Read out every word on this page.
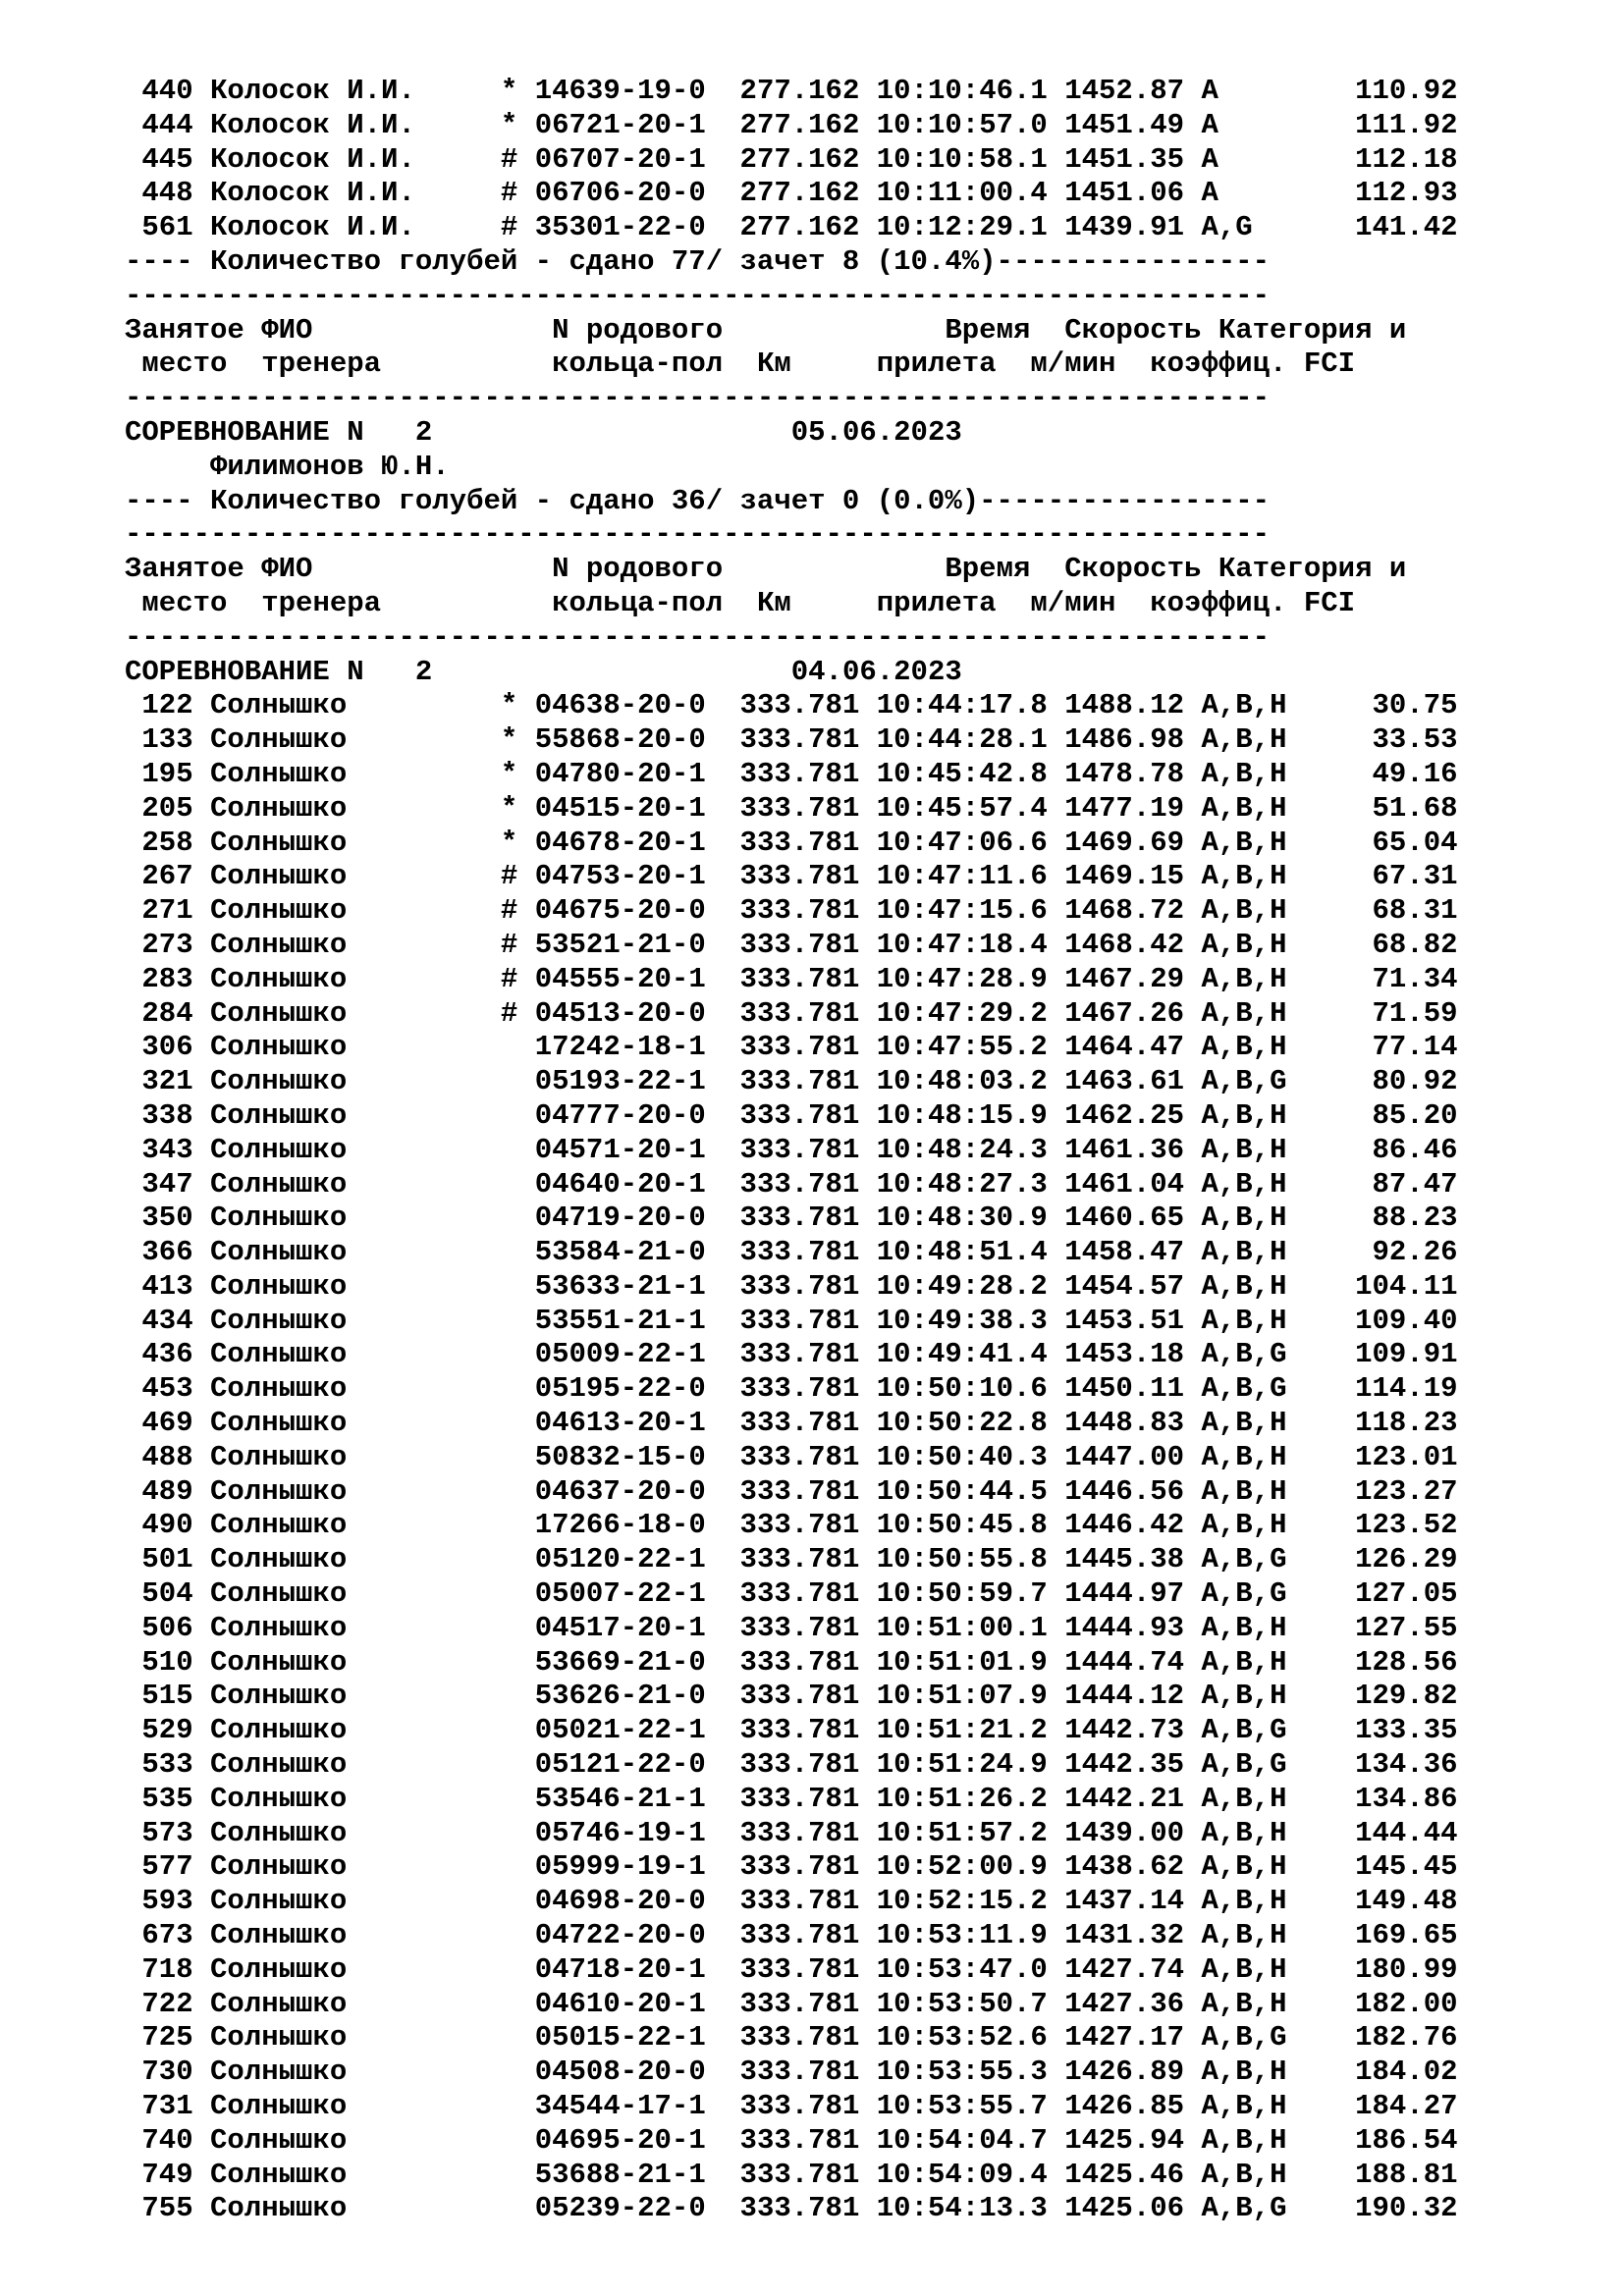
440 Колосок И.И.     * 14639-19-0 277.162 10:10:46.1 1452.87 A        110.92
444 Колосок И.И.     * 06721-20-1 277.162 10:10:57.0 1451.49 A        111.92
445 Колосок И.И.     # 06707-20-1 277.162 10:10:58.1 1451.35 A        112.18
448 Колосок И.И.     # 06706-20-0 277.162 10:11:00.4 1451.06 A        112.93
561 Колосок И.И.     # 35301-22-0 277.162 10:12:29.1 1439.91 A,G      141.42
---- Количество голубей - сдано 77/ зачет 8 (10.4%)----------------
-------------------------------------------------------------------
Занятое ФИО              N родового             Время Скорость Категория и
место  тренера          кольца-пол  Км	прилета м/мин коэффиц. FCI
-------------------------------------------------------------------
СОРЕВНОВАНИЕ N   2	05.06.2023
Филимонов Ю.Н.
---- Количество голубей - сдано 36/ зачет 0 (0.0%)-----------------
-------------------------------------------------------------------
Занятое ФИО              N родового             Время Скорость Категория и
место  тренера          кольца-пол  Км	прилета м/мин коэффиц. FCI
-------------------------------------------------------------------
СОРЕВНОВАНИЕ N   2	04.06.2023
122 Солнышко         * 04638-20-0 333.781 10:44:17.8 1488.12 A,B,H     30.75
133 Солнышко         * 55868-20-0 333.781 10:44:28.1 1486.98 A,B,H     33.53
195 Солнышко         * 04780-20-1 333.781 10:45:42.8 1478.78 A,B,H     49.16
205 Солнышко         * 04515-20-1 333.781 10:45:57.4 1477.19 A,B,H     51.68
258 Солнышко         * 04678-20-1 333.781 10:47:06.6 1469.69 A,B,H     65.04
267 Солнышко         # 04753-20-1 333.781 10:47:11.6 1469.15 A,B,H     67.31
271 Солнышко         # 04675-20-0 333.781 10:47:15.6 1468.72 A,B,H     68.31
273 Солнышко         # 53521-21-0 333.781 10:47:18.4 1468.42 A,B,H     68.82
283 Солнышко         # 04555-20-1 333.781 10:47:28.9 1467.29 A,B,H     71.34
284 Солнышко         # 04513-20-0 333.781 10:47:29.2 1467.26 A,B,H     71.59
306 Солнышко           17242-18-1 333.781 10:47:55.2 1464.47 A,B,H     77.14
321 Солнышко           05193-22-1 333.781 10:48:03.2 1463.61 A,B,G     80.92
338 Солнышко           04777-20-0 333.781 10:48:15.9 1462.25 A,B,H     85.20
343 Солнышко           04571-20-1 333.781 10:48:24.3 1461.36 A,B,H     86.46
347 Солнышко           04640-20-1 333.781 10:48:27.3 1461.04 A,B,H     87.47
350 Солнышко           04719-20-0 333.781 10:48:30.9 1460.65 A,B,H     88.23
366 Солнышко           53584-21-0 333.781 10:48:51.4 1458.47 A,B,H     92.26
413 Солнышко           53633-21-1 333.781 10:49:28.2 1454.57 A,B,H    104.11
434 Солнышко           53551-21-1 333.781 10:49:38.3 1453.51 A,B,H    109.40
436 Солнышко           05009-22-1 333.781 10:49:41.4 1453.18 A,B,G    109.91
453 Солнышко           05195-22-0 333.781 10:50:10.6 1450.11 A,B,G    114.19
469 Солнышко           04613-20-1 333.781 10:50:22.8 1448.83 A,B,H    118.23
488 Солнышко           50832-15-0 333.781 10:50:40.3 1447.00 A,B,H    123.01
489 Солнышко           04637-20-0 333.781 10:50:44.5 1446.56 A,B,H    123.27
490 Солнышко           17266-18-0 333.781 10:50:45.8 1446.42 A,B,H    123.52
501 Солнышко           05120-22-1 333.781 10:50:55.8 1445.38 A,B,G    126.29
504 Солнышко           05007-22-1 333.781 10:50:59.7 1444.97 A,B,G    127.05
506 Солнышко           04517-20-1 333.781 10:51:00.1 1444.93 A,B,H    127.55
510 Солнышко           53669-21-0 333.781 10:51:01.9 1444.74 A,B,H    128.56
515 Солнышко           53626-21-0 333.781 10:51:07.9 1444.12 A,B,H    129.82
529 Солнышко           05021-22-1 333.781 10:51:21.2 1442.73 A,B,G    133.35
533 Солнышко           05121-22-0 333.781 10:51:24.9 1442.35 A,B,G    134.36
535 Солнышко           53546-21-1 333.781 10:51:26.2 1442.21 A,B,H    134.86
573 Солнышко           05746-19-1 333.781 10:51:57.2 1439.00 A,B,H    144.44
577 Солнышко           05999-19-1 333.781 10:52:00.9 1438.62 A,B,H    145.45
593 Солнышко           04698-20-0 333.781 10:52:15.2 1437.14 A,B,H    149.48
673 Солнышко           04722-20-0 333.781 10:53:11.9 1431.32 A,B,H    169.65
718 Солнышко           04718-20-1 333.781 10:53:47.0 1427.74 A,B,H    180.99
722 Солнышко           04610-20-1 333.781 10:53:50.7 1427.36 A,B,H    182.00
725 Солнышко           05015-22-1 333.781 10:53:52.6 1427.17 A,B,G    182.76
730 Солнышко           04508-20-0 333.781 10:53:55.3 1426.89 A,B,H    184.02
731 Солнышко           34544-17-1 333.781 10:53:55.7 1426.85 A,B,H    184.27
740 Солнышко           04695-20-1 333.781 10:54:04.7 1425.94 A,B,H    186.54
749 Солнышко           53688-21-1 333.781 10:54:09.4 1425.46 A,B,H    188.81
755 Солнышко           05239-22-0 333.781 10:54:13.3 1425.06 A,B,G    190.32
